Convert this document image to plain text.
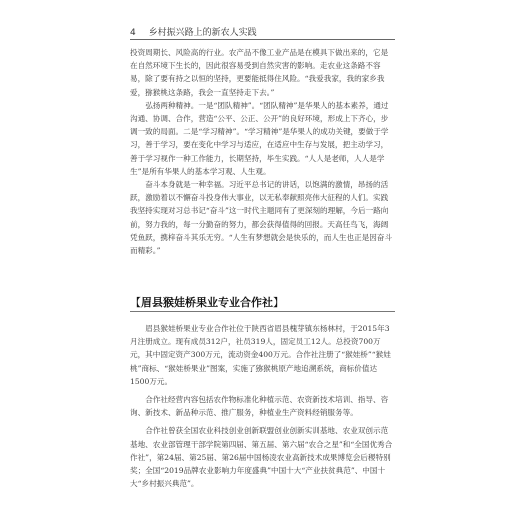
4 乡村振兴路上的新农人实践

投资周期长、风险高的行业。农产品不像工业产品是在模具下做出来的，它是在自然环境下生长的，因此很容易受到自然灾害的影响。走农业这条路不容易，除了要有持之以恒的坚持，更要能抵得住风险。“我爱我家，我的家乡我爱，猕猴桃这条路，我会一直坚持走下去。”

弘扬两种精神。一是“团队精神”。“团队精神”是华果人的基本素养，通过沟通、协调、合作，营造“公平、公正、公开”的良好环境，形成上下齐心，步调一致的局面。二是“学习精神”。“学习精神”是华果人的成功关键，要做于学习，善于学习，要在变化中学习与适应，在适应中生存与发展，把主动学习，善于学习视作一种工作能力，长期坚持，毕生实践。“人人是老师，人人是学生”是所有华果人的基本学习观、人生观。

奋斗本身就是一种幸福。习近平总书记的讲话，以饱满的激情，昂扬的活跃，激励着以不懈奋斗投身伟大事业，以无私奉献照亮伟大征程的人们。实践我坚持实现对习总书记“奋斗”这一时代主题同有了更深刻的理解，今后一路向前，努力我的，每一分勤奋的努力，都会获得值得的回报。天高任鸟飞，海阔凭鱼跃，携梓奋斗其乐无穷。“人生有梦想就会是快乐的，而人生也正是因奋斗而精彩。”

【眉县猴娃桥果业专业合作社】

眉县猴娃桥果业专业合作社位于陕西省眉县槐芽镇东杨林村，于2015年3月注册成立。现有成员312户，社员319人，固定员工12人。总投资700万元，其中固定资产300万元，流动资金400万元。合作社注册了“猴娃桥”“猴娃桃”商标、“猴娃桥果业”图案，实施了猕猴桃原产地追溯系统，商标价值达1500万元。

合作社经营内容包括农作物标准化种植示范、农资新技术培训、指导、咨询、新技术、新品种示范、推广服务，种植业生产资料经销服务等。

合作社曾获全国农业科技创业创新联盟创业创新实训基地、农业双创示范基地、农业部管理干部学院第四届、第五届、第六届“农合之星”和“全国优秀合作社”，第24届、第25届、第26届中国杨凌农业高新技术成果博览会后稷特别奖；全国“2019品牌农业影响力年度盛典”中国十大“产业扶贫典范”、中国十大“乡村振兴典范”。
